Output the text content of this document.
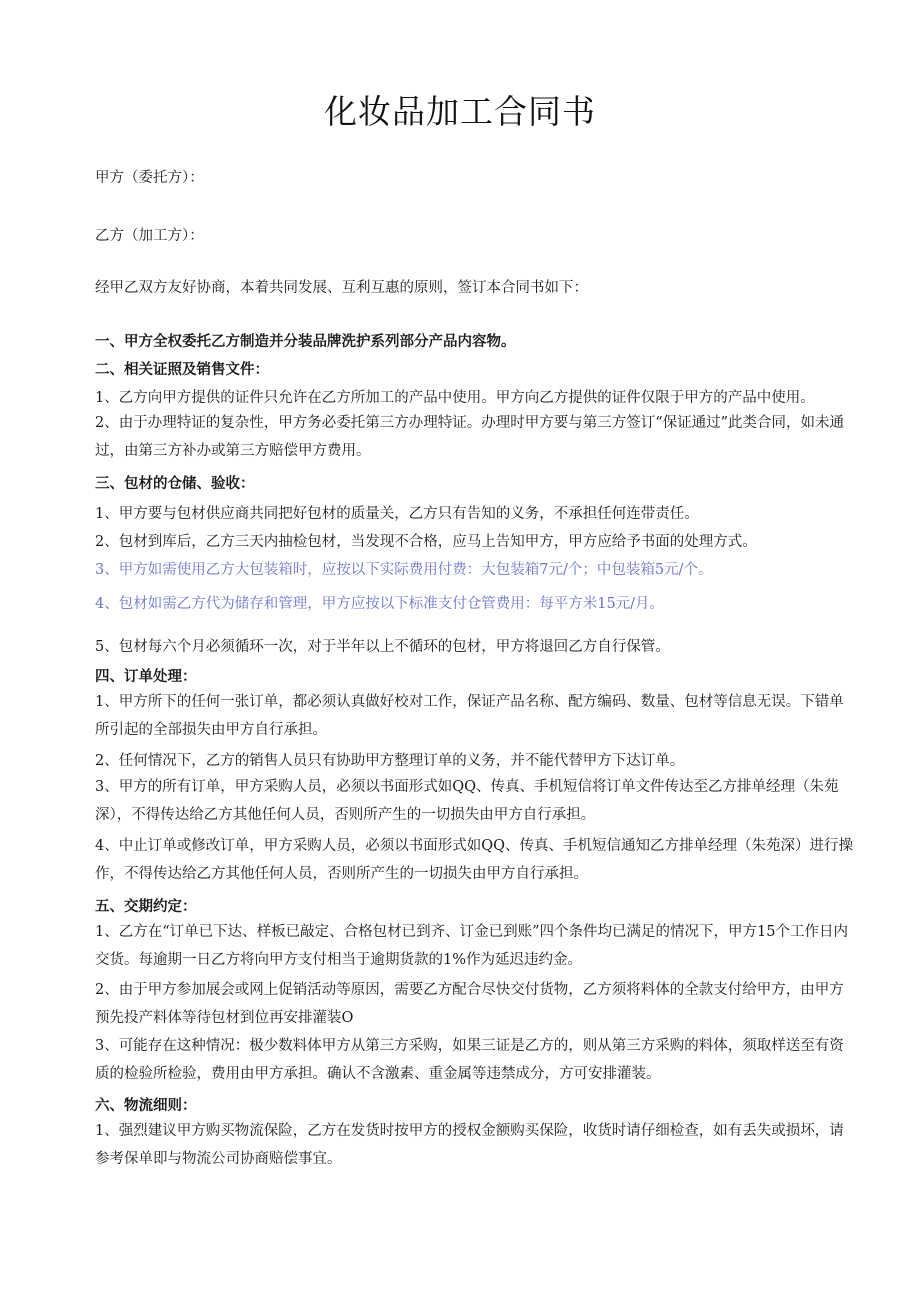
化妆品加工合同书
甲方（委托方）：
乙方（加工方）：
经甲乙双方友好协商，本着共同发展、互利互惠的原则，签订本合同书如下：
一、甲方全权委托乙方制造并分装品牌洗护系列部分产品内容物。
二、相关证照及销售文件：
1、乙方向甲方提供的证件只允许在乙方所加工的产品中使用。甲方向乙方提供的证件仅限于甲方的产品中使用。
2、由于办理特证的复杂性，甲方务必委托第三方办理特证。办理时甲方要与第三方签订“保证通过”此类合同，如未通过，由第三方补办或第三方赔偿甲方费用。
三、包材的仓储、验收：
1、甲方要与包材供应商共同把好包材的质量关，乙方只有告知的义务，不承担任何连带责任。
2、包材到库后，乙方三天内抽检包材，当发现不合格，应马上告知甲方，甲方应给予书面的处理方式。
3、甲方如需使用乙方大包装箱时，应按以下实际费用付费：大包装箱7元/个；中包装箱5元/个。
4、包材如需乙方代为储存和管理，甲方应按以下标准支付仓管费用：每平方米15元/月。
5、包材每六个月必须循环一次，对于半年以上不循环的包材，甲方将退回乙方自行保管。
四、订单处理：
1、甲方所下的任何一张订单，都必须认真做好校对工作，保证产品名称、配方编码、数量、包材等信息无误。下错单所引起的全部损失由甲方自行承担。
2、任何情况下，乙方的销售人员只有协助甲方整理订单的义务，并不能代替甲方下达订单。
3、甲方的所有订单，甲方采购人员，必须以书面形式如QQ、传真、手机短信将订单文件传达至乙方排单经理（朱苑深），不得传达给乙方其他任何人员，否则所产生的一切损失由甲方自行承担。
4、中止订单或修改订单，甲方采购人员，必须以书面形式如QQ、传真、手机短信通知乙方排单经理（朱苑深）进行操作，不得传达给乙方其他任何人员，否则所产生的一切损失由甲方自行承担。
五、交期约定：
1、乙方在“订单已下达、样板已敲定、合格包材已到齐、订金已到账”四个条件均已满足的情况下，甲方15个工作日内交货。每逾期一日乙方将向甲方支付相当于逾期货款的1%作为延迟违约金。
2、由于甲方参加展会或网上促销活动等原因，需要乙方配合尽快交付货物，乙方须将料体的全款支付给甲方，由甲方预先投产料体等待包材到位再安排灌装O
3、可能存在这种情况：极少数料体甲方从第三方采购，如果三证是乙方的，则从第三方采购的料体，须取样送至有资质的检验所检验，费用由甲方承担。确认不含激素、重金属等违禁成分，方可安排灌装。
六、物流细则：
1、强烈建议甲方购买物流保险，乙方在发货时按甲方的授权金额购买保险，收货时请仔细检查，如有丢失或损坏，请参考保单即与物流公司协商赔偿事宜。
